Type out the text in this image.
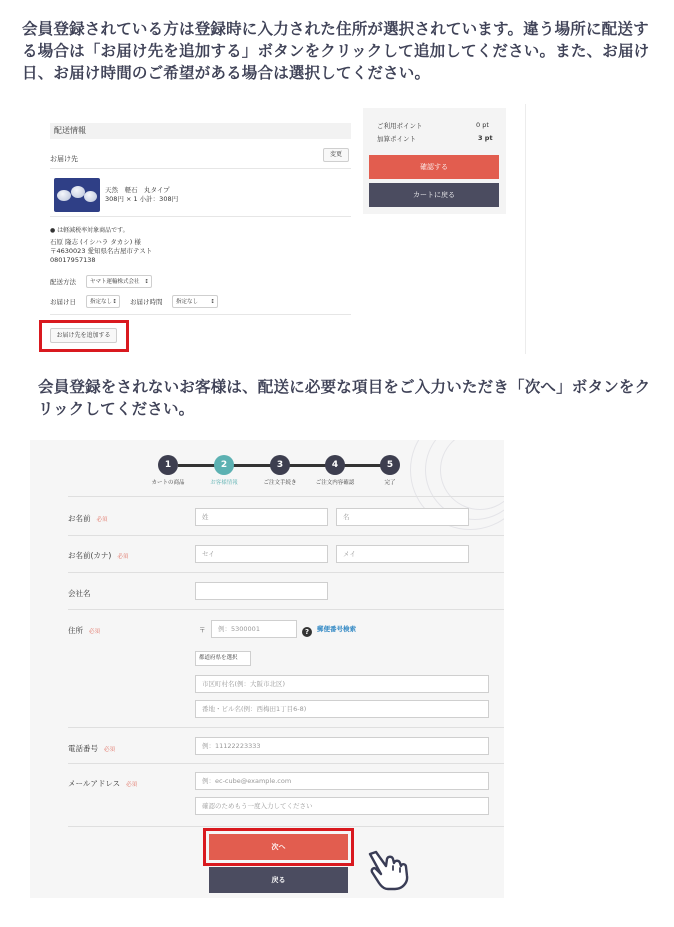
会員登録されている方は登録時に入力された住所が選択されています。違う場所に配送する場合は「お届け先を追加する」ボタンをクリックして追加してください。また、お届け日、お届け時間のご希望がある場合は選択してください。
配送情報
お届け先
変更
天然　軽石　丸タイプ
308円 × 1 小計：308円
● は軽減税率対象商品です。
石原 隆志 (イシハラ タカシ) 様
〒4630023 愛知県名古屋市テスト
08017957138
配送方法	ヤマト運輸株式会社 ↕
お届け日	指定なし ↕	お届け時間	指定なし ↕
お届け先を追加する
ご利用ポイント	0 pt
加算ポイント	3 pt
確認する
カートに戻る
会員登録をされないお客様は、配送に必要な項目をご入力いただき「次へ」ボタンをクリックしてください。
1	2	3	4	5
カートの商品	お客様情報	ご注文手続き	ご注文内容確認	完了
お名前 必須	姓	名
お名前(カナ) 必須	セイ	メイ
会社名
住所 必須	〒	例：5300001	?	郵便番号検索
都道府県を選択
市区町村名(例：大阪市北区)
番地・ビル名(例：西梅田1丁目6-8)
電話番号 必須	例：11122223333
メールアドレス 必須	例：ec-cube@example.com
確認のためもう一度入力してください
次へ
戻る
